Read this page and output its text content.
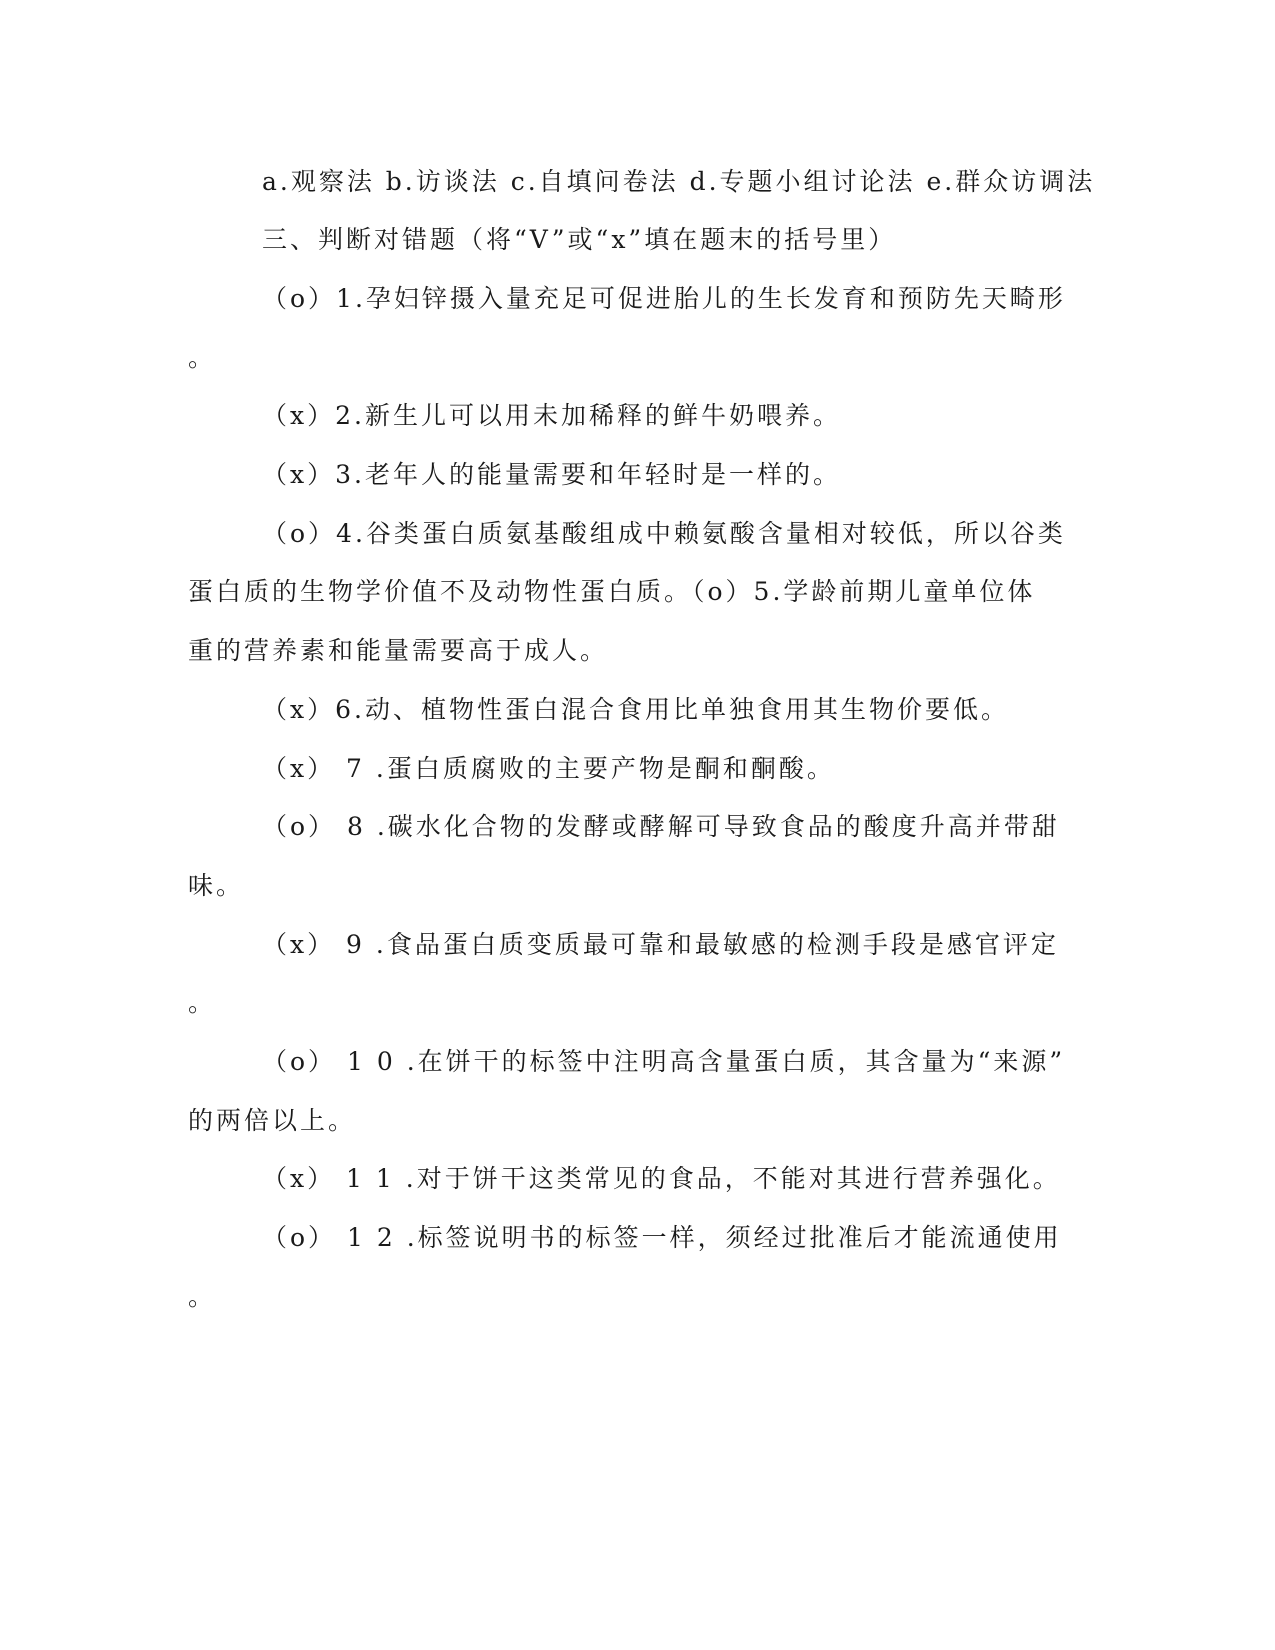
a.观察法 b.访谈法 c.自填问卷法 d.专题小组讨论法 e.群众访调法
三、判断对错题（将“V”或“x”填在题末的括号里）
（o）1.孕妇锌摄入量充足可促进胎儿的生长发育和预防先天畸形
。
（x）2.新生儿可以用未加稀释的鲜牛奶喂养。
（x）3.老年人的能量需要和年轻时是一样的。
（o）4.谷类蛋白质氨基酸组成中赖氨酸含量相对较低，所以谷类
蛋白质的生物学价值不及动物性蛋白质。（o）5.学龄前期儿童单位体
重的营养素和能量需要高于成人。
（x）6.动、植物性蛋白混合食用比单独食用其生物价要低。
（x） 7 .蛋白质腐败的主要产物是酮和酮酸。
（o） 8 .碳水化合物的发酵或酵解可导致食品的酸度升高并带甜
味。
（x） 9 .食品蛋白质变质最可靠和最敏感的检测手段是感官评定
。
（o） 1 0 .在饼干的标签中注明高含量蛋白质，其含量为“来源”
的两倍以上。
（x） 1 1 .对于饼干这类常见的食品，不能对其进行营养强化。
（o） 1 2 .标签说明书的标签一样，须经过批准后才能流通使用
。
